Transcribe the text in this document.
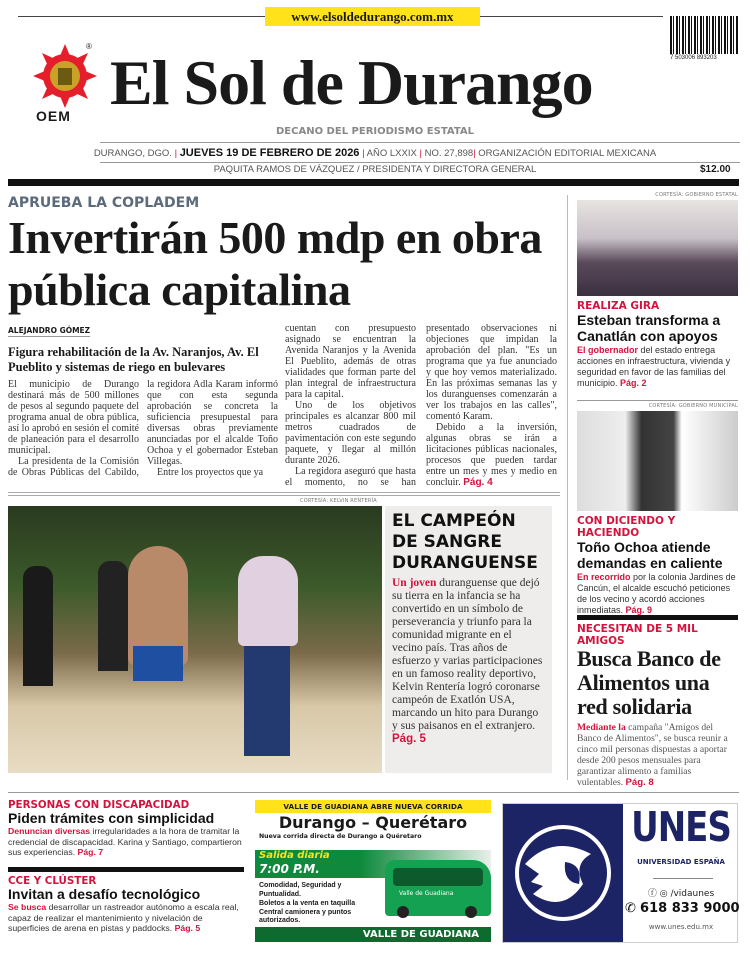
www.elsoldedurango.com.mx
®
OEM El Sol de Durango	7 503006 893203
DECANO DEL PERIODISMO ESTATAL
DURANGO, DGO. | JUEVES 19 DE FEBRERO DE 2026 | AÑO LXXIX | NO. 27,898| ORGANIZACIÓN EDITORIAL MEXICANA
PAQUITA RAMOS DE VÁZQUEZ / PRESIDENTA Y DIRECTORA GENERAL	$12.00
APRUEBA LA COPLADEM
Invertirán 500 mdp en obra pública capitalina
ALEJANDRO GÓMEZ
Figura rehabilitación de la Av. Naranjos, Av. El Pueblito y sistemas de riego en bulevares

El municipio de Durango destinará más de 500 millones de pesos al segundo paquete del programa anual de obra pública, así lo aprobó en sesión el comité de planeación para el desarrollo municipal.

La presidenta de la Comisión de Obras Públicas del Cabildo, la regidora Adla Karam informó que con esta segunda aprobación se concreta la suficiencia presupuestal para diversas obras previamente anunciadas por el alcalde Toño Ochoa y el gobernador Esteban Villegas.

Entre los proyectos que ya

cuentan con presupuesto asignado se encuentran la Avenida Naranjos y la Avenida El Pueblito, además de otras vialidades que forman parte del plan integral de infraestructura para la capital.

Uno de los objetivos principales es alcanzar 800 mil metros cuadrados de pavimentación con este segundo paquete, y llegar al millón durante 2026.

La regidora aseguró que hasta el momento, no se han presentado observaciones ni objeciones que impidan la aprobación del plan. "Es un programa que ya fue anunciado y que hoy vemos materializado. En las próximas semanas las y los duranguenses comenzarán a ver los trabajos en las calles", comentó Karam.

Debido a la inversión, algunas obras se irán a licitaciones públicas nacionales, procesos que pueden tardar entre un mes y mes y medio en concluir. Pág. 4

CORTESÍA: KELVIN RENTERÍA
EL CAMPEÓN DE SANGRE DURANGUENSE
Un joven duranguense que dejó su tierra en la infancia se ha convertido en un símbolo de perseverancia y triunfo para la comunidad migrante en el vecino país. Tras años de esfuerzo y varias participaciones en un famoso reality deportivo, Kelvin Rentería logró coronarse campeón de Exatlón USA, marcando un hito para Durango y sus paisanos en el extranjero. Pág. 5
CORTESÍA: GOBIERNO ESTATAL
REALIZA GIRA
Esteban transforma a Canatlán con apoyos
El gobernador del estado entrega acciones en infraestructura, vivienda y seguridad en favor de las familias del municipio. Pág. 2
CORTESÍA: GOBIERNO MUNICIPAL
CON DICIENDO Y HACIENDO
Toño Ochoa atiende demandas en caliente
En recorrido por la colonia Jardines de Cancún, el alcalde escuchó peticiones de los vecino y acordó acciones inmediatas. Pág. 9
NECESITAN DE 5 MIL AMIGOS
Busca Banco de Alimentos una red solidaria
Mediante la campaña "Amigos del Banco de Alimentos", se busca reunir a cinco mil personas dispuestas a aportar desde 200 pesos mensuales para garantizar alimento a familias vulentables. Pág. 8
PERSONAS CON DISCAPACIDAD
Piden trámites con simplicidad
Denuncian diversas irregularidades a la hora de tramitar la credencial de discapacidad. Karina y Santiago, compartieron sus experiencias. Pág. 7
CCE Y CLÚSTER
Invitan a desafío tecnológico
Se busca desarrollar un rastreador autónomo a escala real, capaz de realizar el mantenimiento y nivelación de superficies de arena en pistas y paddocks. Pág. 5
VALLE DE GUADIANA ABRE NUEVA CORRIDA
Durango – Querétaro
Nueva corrida directa de Durango a Quéretaro
Salida diaria
7:00 P.M.
Comodidad, Seguridad y Puntualidad.
Boletos a la venta en taquilla Central camionera y puntos autorizados.
Valle de Guadiana
VALLE DE GUADIANA
UNES
UNIVERSIDAD ESPAÑA
ⓕ ◎ /vidaunes
✆ 618 833 9000
www.unes.edu.mx
